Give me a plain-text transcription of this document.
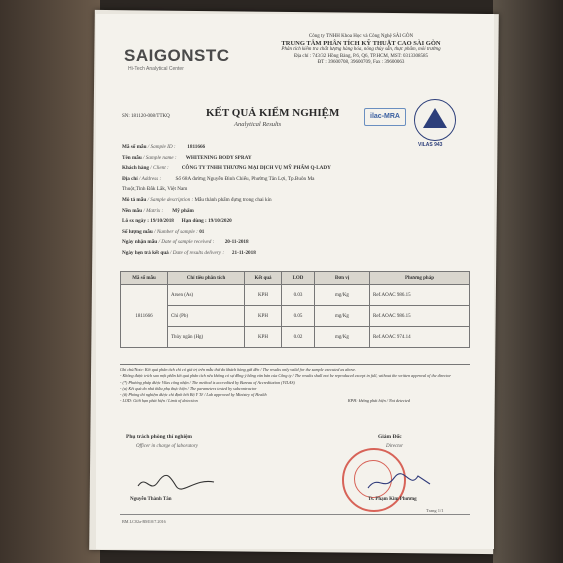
SAIGONSTC
Hi-Tech Analytical Center
Công ty TNHH Khoa Học và Công Nghệ SÀI GÒN
TRUNG TÂM PHÂN TÍCH KỸ THUẬT CAO SÀI GÒN
Phân tích kiểm tra chất lượng hàng hóa, nông thủy sản, thực phẩm, môi trường
Địa chỉ : 743/32 Hồng Bàng, P.6, Q6, TP.HCM, MST: 0313308585
ĐT : 39600708, 39600709, Fax : 39600063
SN: 181120-008/TTKQ	KẾT QUẢ KIỂM NGHIỆM
Analytical Results
ilac-MRA
VILAS 943
Mã số mẫu / Sample ID : 1811666
Tên mẫu / Sample name : WHITENING BODY SPRAY
Khách hàng / Client : CÔNG TY TNHH THƯƠNG MẠI DỊCH VỤ MỸ PHẨM Q-LADY
Địa chỉ / Address :	Số 68A đường Nguyễn Đình Chiểu, Phường Tân Lợi, Tp.Buôn Ma
Thuột,Tỉnh Đắk Lắk, Việt Nam
Mô tả mẫu / Sample description : Mẫu thành phẩm đựng trong chai kín
Nền mẫu / Matrix : Mỹ phẩm
Lô sx ngày : 19/10/2018 Hạn dùng : 19/10/2020
Số lượng mẫu / Number of sample : 01
Ngày nhận mẫu / Date of sample received : 20-11-2018
Ngày hẹn trả kết quả / Date of results delivery : 21-11-2018
Mã số mẫu	Chỉ tiêu phân tích	Kết quả	LOD	Đơn vị	Phương pháp
1811666	Arsen (As)	KPH	0.03	mg/Kg	Ref.AOAC 986.15
	Chì (Pb)	KPH	0.05	mg/Kg	Ref.AOAC 986.15
	Thủy ngân (Hg)	KPH	0.02	mg/Kg	Ref.AOAC 974.14
Ghi chú/Note: Kết quả phân tích chỉ có giá trị trên mẫu thử do khách hàng gửi đến / The results only valid for the sample executed as above.
- Không được trích sao một phần kết quả phân tích nếu không có sự đồng ý bằng văn bản của Công ty / The results shall not be reproduced except in full, without the written approval of the director
- (*) Phương pháp được Vilas công nhận / The method is accredited by Bureau of Accreditation (VILAS)
- (a) Kết quả do nhà thầu phụ thực hiện / The parameters tested by subcontractor
- (#) Phòng thí nghiệm được chỉ định bởi Bộ Y Tế / Lab approved by Ministry of Health
- LOD: Giới hạn phát hiện / Limit of detection	KPH: không phát hiện / Not detected
Phụ trách phòng thí nghiệm
Officer in charge of laboratory
Giám Đốc
Director
Nguyễn Thành Tân	Ts. Phạm Kim Phương
Trang 1/1
BM.LC02a-BM10/7.2016
